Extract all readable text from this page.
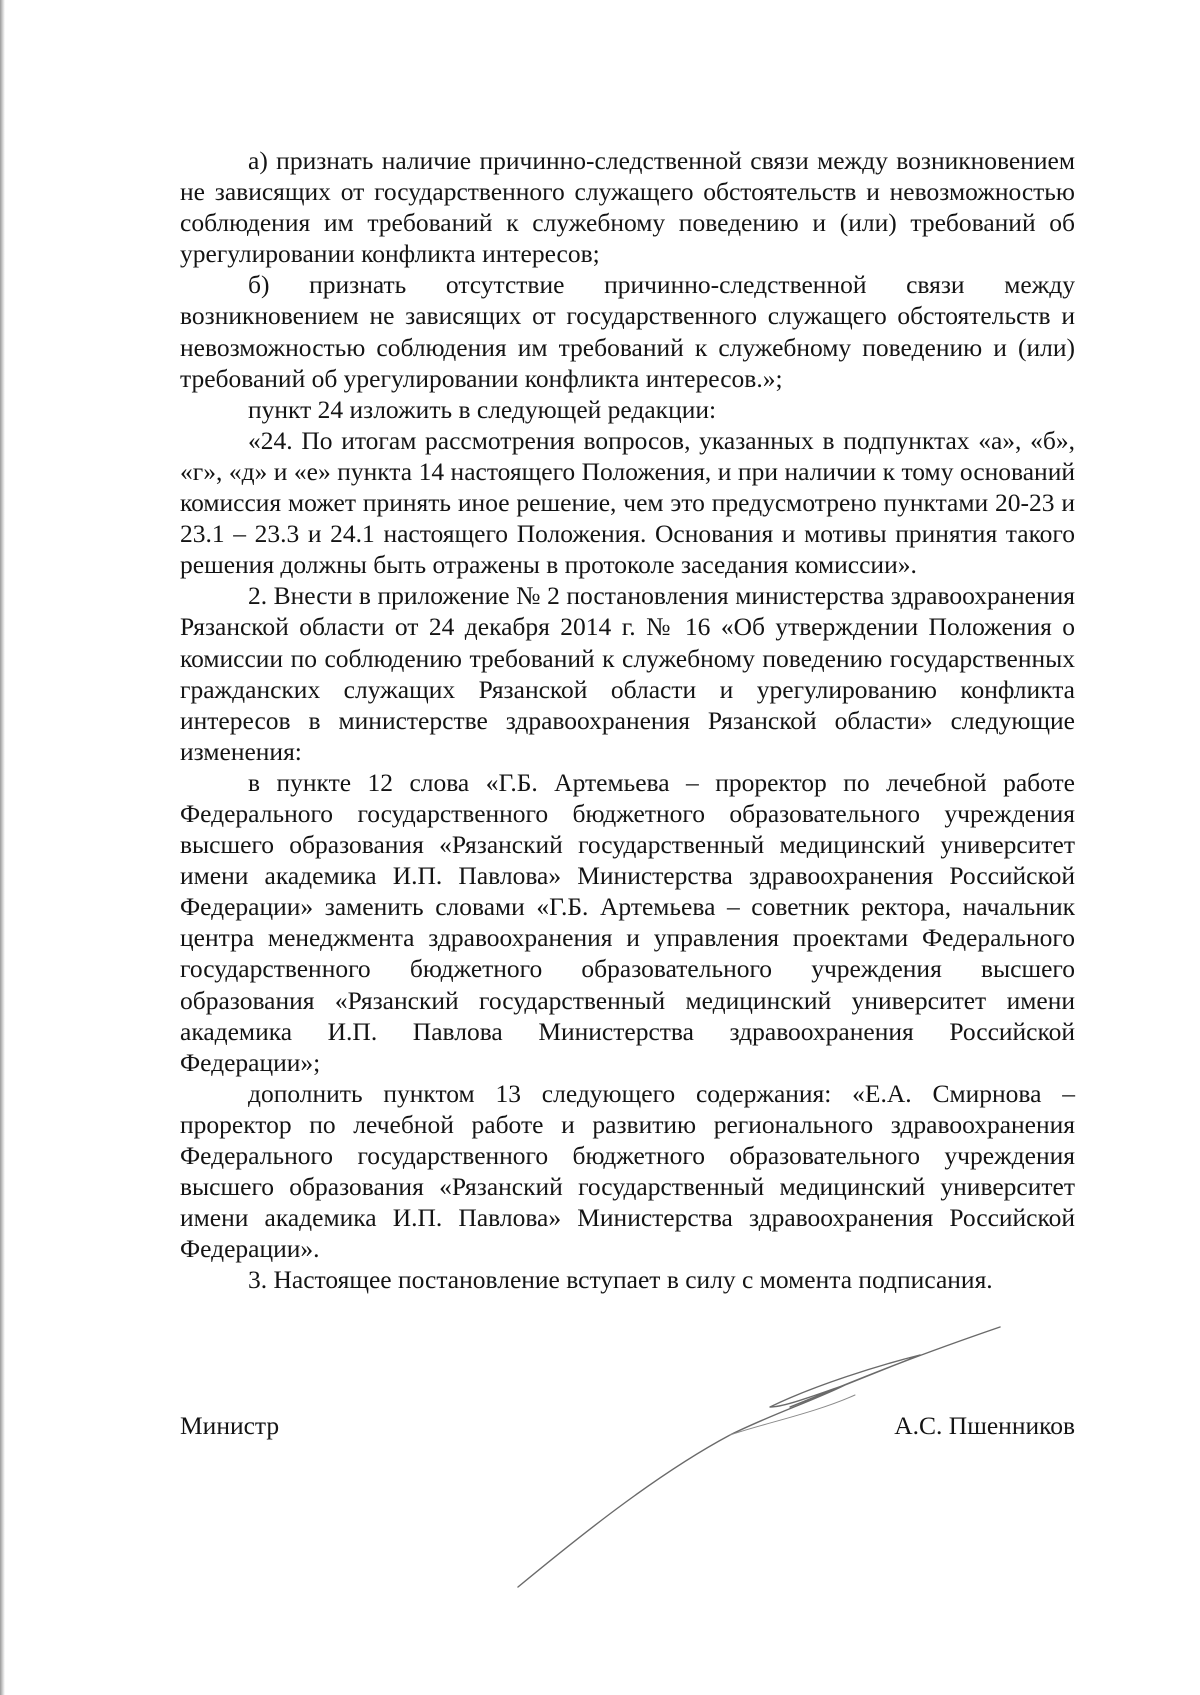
а) признать наличие причинно-следственной связи между возникновением не зависящих от государственного служащего обстоятельств и невозможностью соблюдения им требований к служебному поведению и (или) требований об урегулировании конфликта интересов;

б) признать отсутствие причинно-следственной связи между возникновением не зависящих от государственного служащего обстоятельств и невозможностью соблюдения им требований к служебному поведению и (или) требований об урегулировании конфликта интересов.»;

пункт 24 изложить в следующей редакции:

«24. По итогам рассмотрения вопросов, указанных в подпунктах «а», «б», «г», «д» и «е» пункта 14 настоящего Положения, и при наличии к тому оснований комиссия может принять иное решение, чем это предусмотрено пунктами 20-23 и 23.1 – 23.3 и 24.1 настоящего Положения. Основания и мотивы принятия такого решения должны быть отражены в протоколе заседания комиссии».

2. Внести в приложение № 2 постановления министерства здравоохранения Рязанской области от 24 декабря 2014 г. № 16 «Об утверждении Положения о комиссии по соблюдению требований к служебному поведению государственных гражданских служащих Рязанской области и урегулированию конфликта интересов в министерстве здравоохранения Рязанской области» следующие изменения:

в пункте 12 слова «Г.Б. Артемьева – проректор по лечебной работе Федерального государственного бюджетного образовательного учреждения высшего образования «Рязанский государственный медицинский университет имени академика И.П. Павлова» Министерства здравоохранения Российской Федерации» заменить словами «Г.Б. Артемьева – советник ректора, начальник центра менеджмента здравоохранения и управления проектами Федерального государственного бюджетного образовательного учреждения высшего образования «Рязанский государственный медицинский университет имени академика И.П. Павлова Министерства здравоохранения Российской Федерации»;

дополнить пунктом 13 следующего содержания: «Е.А. Смирнова – проректор по лечебной работе и развитию регионального здравоохранения Федерального государственного бюджетного образовательного учреждения высшего образования «Рязанский государственный медицинский университет имени академика И.П. Павлова» Министерства здравоохранения Российской Федерации».

3. Настоящее постановление вступает в силу с момента подписания.

Министр	А.С. Пшенников
